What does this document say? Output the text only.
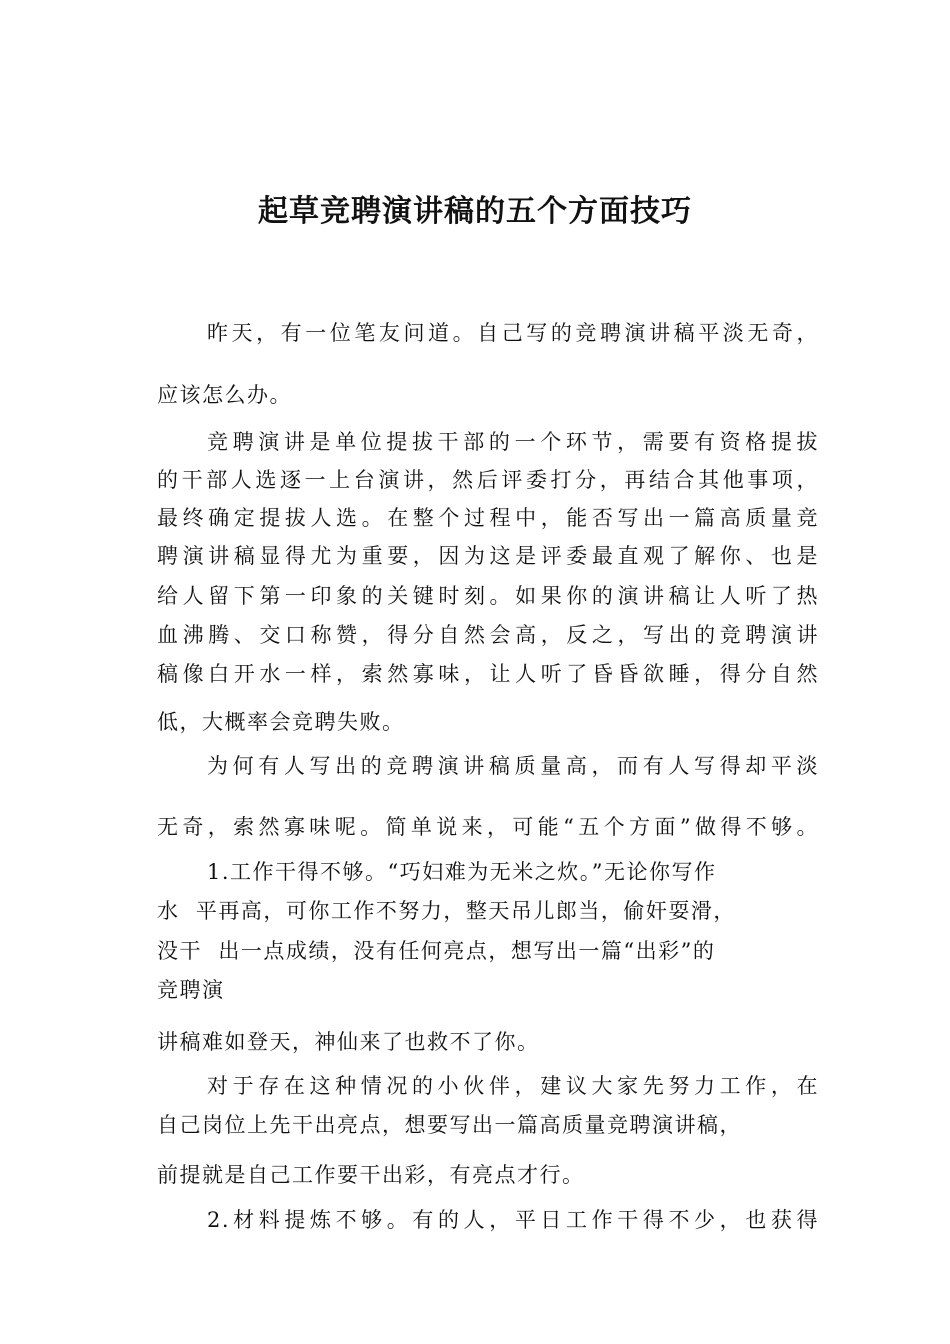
起草竞聘演讲稿的五个方面技巧
昨天，有一位笔友问道。自己写的竞聘演讲稿平淡无奇，
应该怎么办。
竞聘演讲是单位提拔干部的一个环节，需要有资格提拔
的干部人选逐一上台演讲，然后评委打分，再结合其他事项，
最终确定提拔人选。在整个过程中，能否写出一篇高质量竞
聘演讲稿显得尤为重要，因为这是评委最直观了解你、也是
给人留下第一印象的关键时刻。如果你的演讲稿让人听了热
血沸腾、交口称赞，得分自然会高，反之，写出的竞聘演讲
稿像白开水一样，索然寡味，让人听了昏昏欲睡，得分自然
低，大概率会竞聘失败。
为何有人写出的竞聘演讲稿质量高，而有人写得却平淡
无奇，索然寡味呢。简单说来，可能“五个方面”做得不够。
1.工作干得不够。“巧妇难为无米之炊。”无论你写作
水  平再高，可你工作不努力，整天吊儿郎当，偷奸耍滑，
没干  出一点成绩，没有任何亮点，想写出一篇“出彩”的
竞聘演
讲稿难如登天，神仙来了也救不了你。
对于存在这种情况的小伙伴，建议大家先努力工作，在
自己岗位上先干出亮点，想要写出一篇高质量竞聘演讲稿，
前提就是自己工作要干出彩，有亮点才行。
2.材料提炼不够。有的人，平日工作干得不少，也获得
